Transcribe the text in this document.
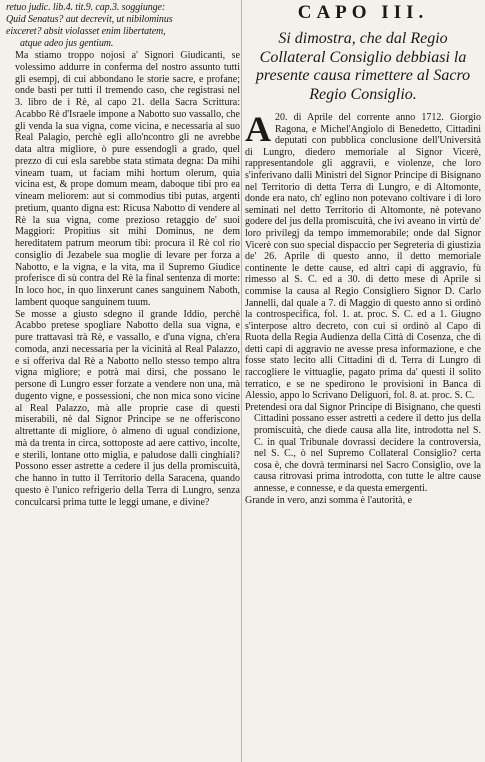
retuo judic. lib.4. tit.9. cap.3. soggiunge:

Quid Senatus? aut decrevit, ut nibilominus

eixceret? absit violasset enim libertatem,

atque adeo jus gentium.

Ma stiamo troppo nojosi a' Signori Giudicanti, se volessimo addurre in conferma del nostro assunto tutti gli esempj, di cui abbondano le storie sacre, e profane; onde basti per tutti il tremendo caso, che registrasi nel 3. libro de i Rè, al capo 21. della Sacra Scrittura: Acabbo Rè d'Israele impone a Nabotto suo vassallo, che gli venda la sua vigna, come vicina, e necessaria al suo Real Palagio, perchè egli allo'ncontro gli ne avrebbe data altra migliore, ò pure essendogli a grado, quel prezzo di cui esla sarebbe stata stimata degna: Da mihi vineam tuam, ut faciam mihi hortum olerum, quia vicina est, & prope domum meam, daboque tibi pro ea vineam meliorem: aut si commodius tibi putas, argenti pretium, quanto digna est: Ricusa Nabotto di vendere al Rè la sua vigna, come prezioso retaggio de' suoi Maggiori: Propitius sit mihi Dominus, ne dem hereditatem patrum meorum tibi: procura il Rè col rio consiglio di Jezabele sua moglie di levare per forza a Nabotto, e la vigna, e la vita, ma il Supremo Giudice proferisce di sù contra del Rè la final sentenza di morte: In loco hoc, in quo linxerunt canes sanguinem Naboth, lambent quoque sanguinem tuum.

Se mosse a giusto sdegno il grande Iddio, perchè Acabbo pretese spogliare Nabotto della sua vigna, e pure trattavasi trà Rè, e vassallo, e d'una vigna, ch'era comoda, anzi necessaria per la vicinità al Real Palazzo, e si offeriva dal Rè a Nabotto nello stesso tempo altra vigna migliore; e potrà mai dirsi, che possano le persone di Lungro esser forzate a vendere non una, mà dugento vigne, e possessioni, che non mica sono vicine al Real Palazzo, mà alle proprie case di questi miserabili, nè dal Signor Principe se ne offeriscono altrettante di migliore, ò almeno di ugual condizione, mà da trenta in circa, sottoposte ad aere cattivo, incolte, e sterili, lontane otto miglia, e paludose dalli cinghiali? Possono esser astrette a cedere il jus della promiscuità, che hanno in tutto il Territorio della Saracena, quando questo è l'unico refrigerio della Terra di Lungro, senza conculcarsi prima tutte le leggi umane, e divine?

CAPO III.
Si dimostra, che dal Regio Collateral Consiglio debbiasi la presente causa rimettere al Sacro Regio Consiglio.

A 20. di Aprile del corrente anno 1712. Giorgio Ragona, e Michel'Angiolo di Benedetto, Cittadini deputati con pubblica conclusione dell'Università di Lungro, diedero memoriale al Signor Vicerè, rappresentandole gli aggravii, e violenze, che loro s'inferivano dalli Ministri del Signor Principe di Bisignano nel Territorio di detta Terra di Lungro, e di Altomonte, donde era nato, ch' eglino non potevano coltivare i di loro seminati nel detto Territorio di Altomonte, nè potevano godere del jus della promiscuità, che ivi aveano in virtù de' loro privilegj da tempo immemorabile; onde dal Signor Vicerè con suo special dispaccio per Segreteria di giustizia de' 26. Aprile di questo anno, il detto memoriale continente le dette cause, ed altri capi di aggravio, fù rimesso al S. C. ed a 30. di detto mese di Aprile si commise la causa al Regio Consigliero Signor D. Carlo Jannelli, dal quale a 7. di Maggio di questo anno si ordinò la controspecifica, fol. 1. at. proc. S. C. ed a 1. Giugno s'interpose altro decreto, con cui si ordinò al Capo di Ruota della Regia Audienza della Città di Cosenza, che di detti capi di aggravio ne avesse presa informazione, e che fosse stato lecito alli Cittadini di d. Terra di Lungro di raccogliere le vittuaglie, pagato prima da' questi il solito terratico, e se ne spedirono le provisioni in Banca di Alessio, appo lo Scrivano Deliguori, fol. 8. at. proc. S. C.

Pretendesi ora dal Signor Principe di Bisignano, che questi Cittadini possano esser astretti a cedere il detto jus della promiscuità, che diede causa alla lite, introdotta nel S. C. in qual Tribunale dovrassi decidere la controversia, nel S. C., ò nel Supremo Collateral Consiglio? certa cosa è, che dovrà terminarsi nel Sacro Consiglio, ove la causa ritrovasi prima introdotta, con tutte le altre cause annesse, e connesse, e da questa emergenti.

Grande in vero, anzi somma è l'autorità, e
